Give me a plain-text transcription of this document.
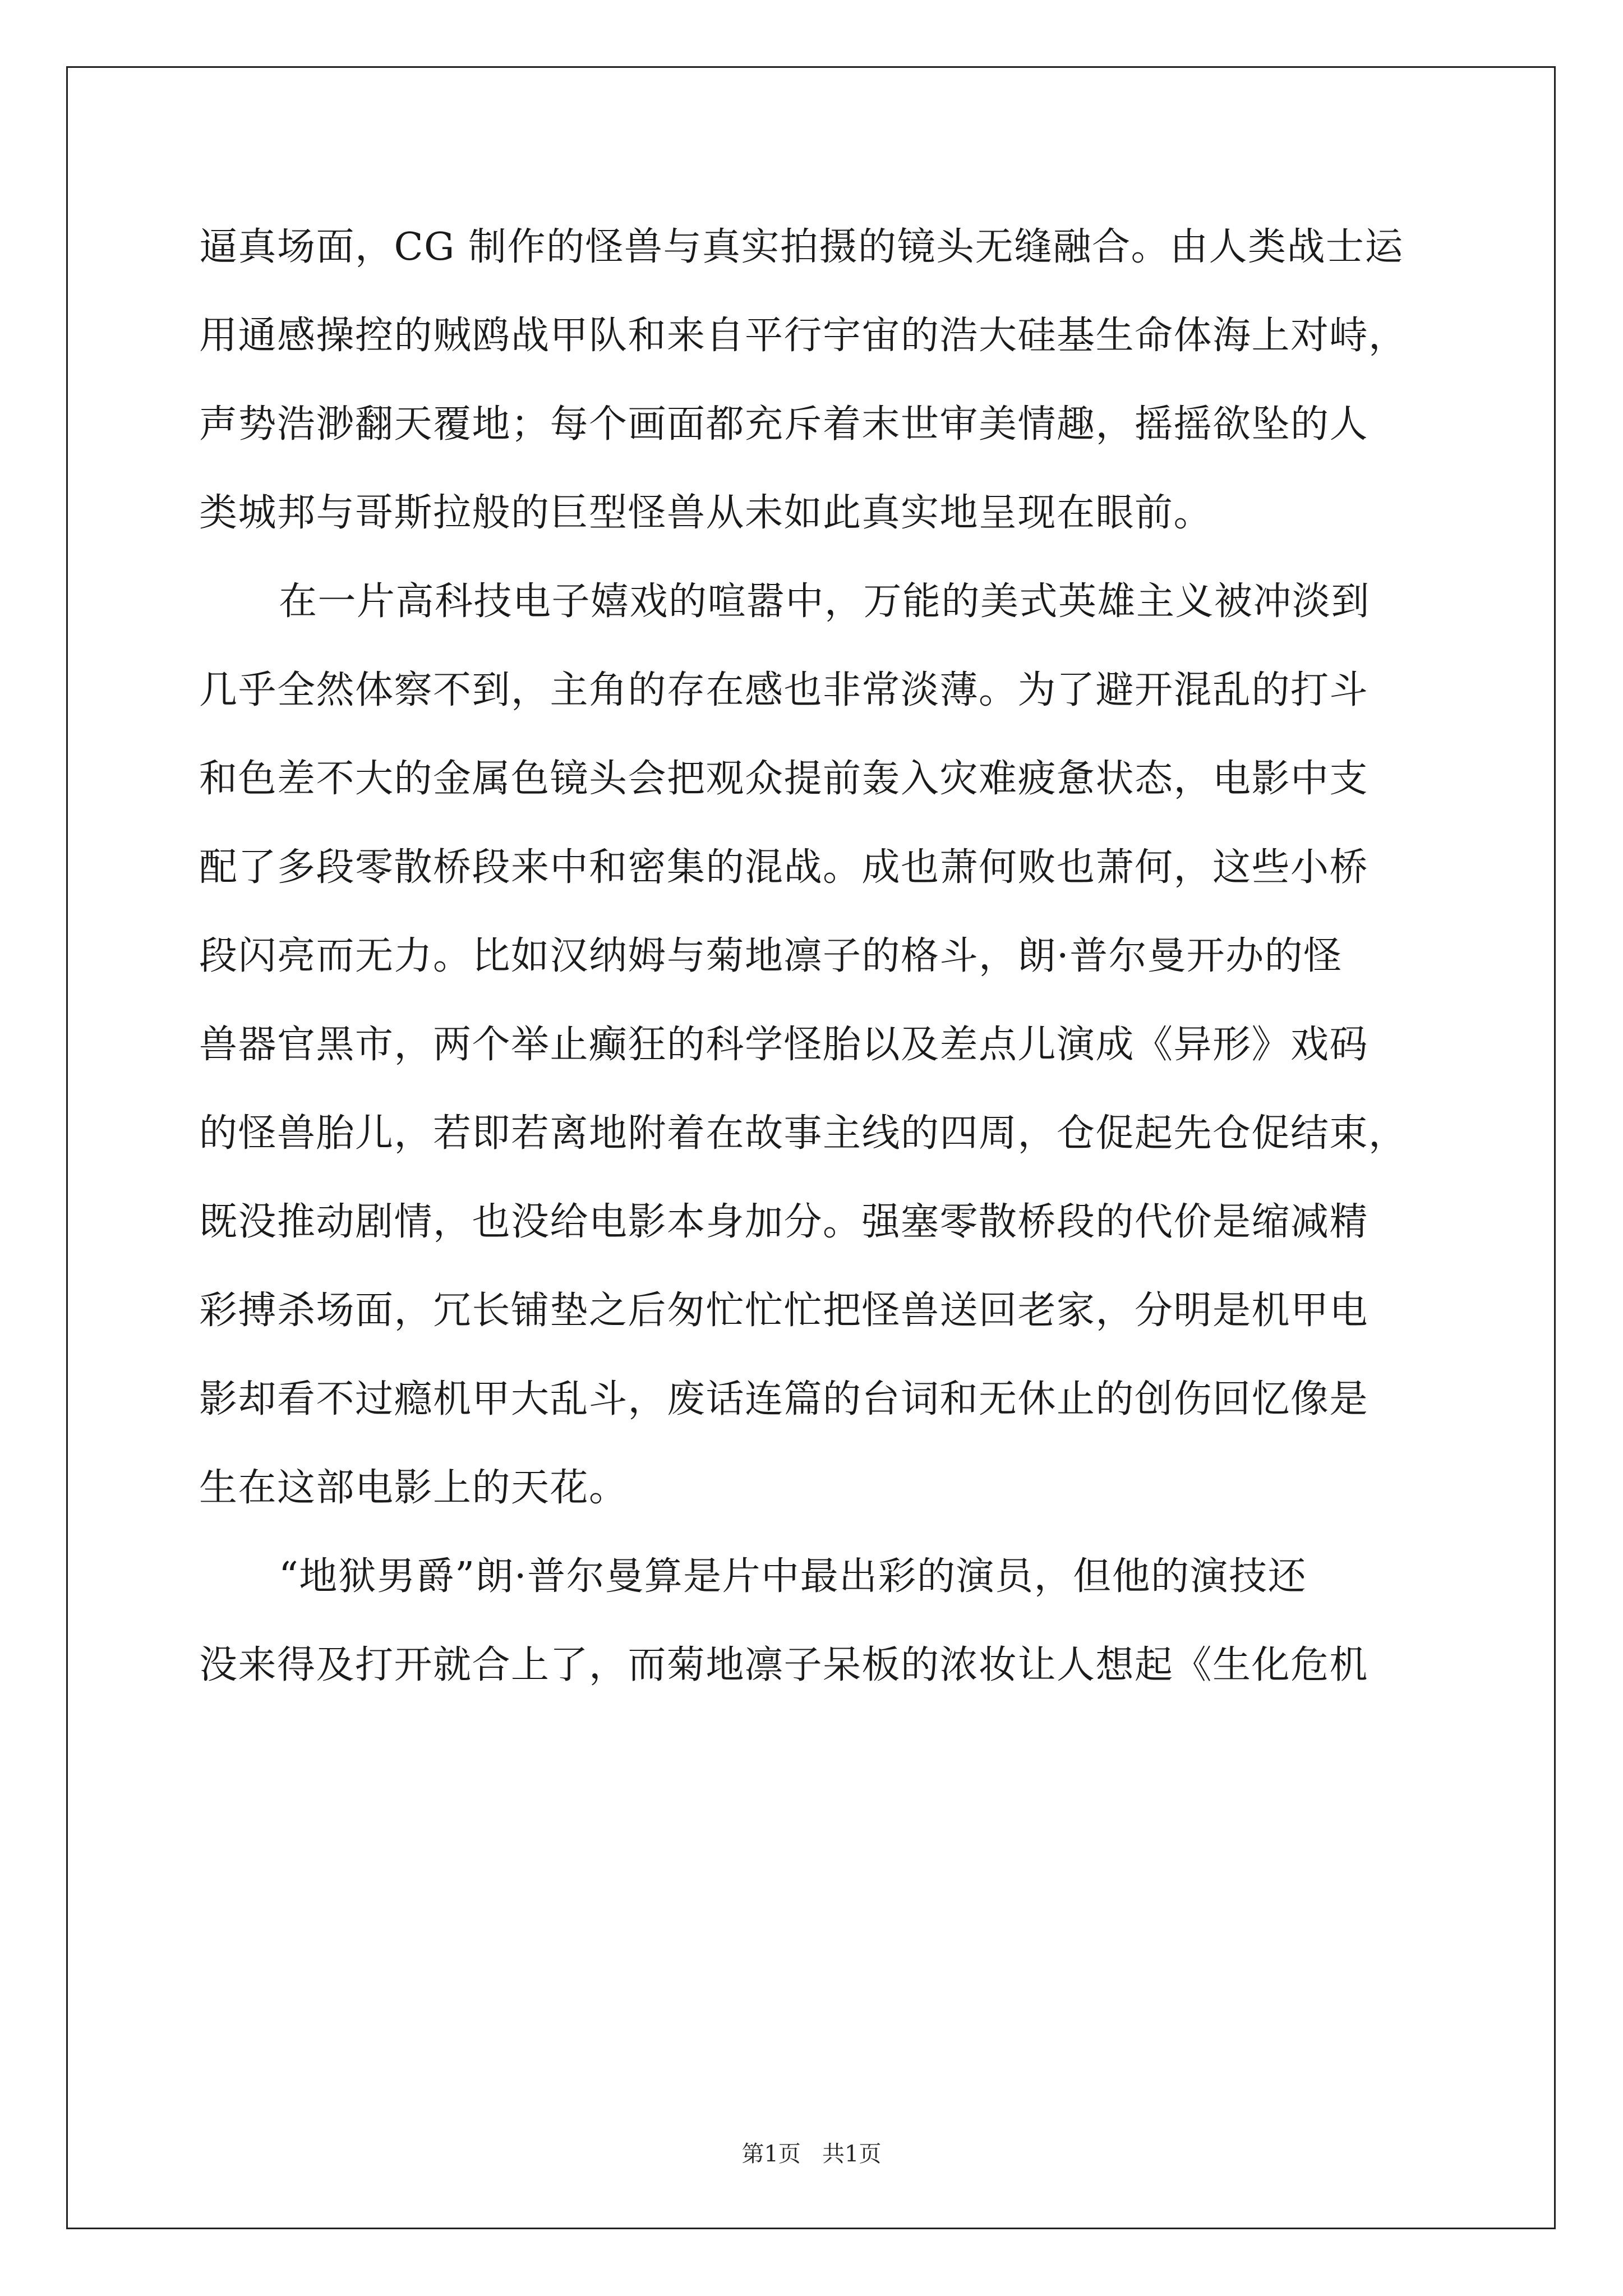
逼真场面，CG 制作的怪兽与真实拍摄的镜头无缝融合。由人类战士运
用通感操控的贼鸥战甲队和来自平行宇宙的浩大硅基生命体海上对峙，
声势浩渺翻天覆地；每个画面都充斥着末世审美情趣，摇摇欲坠的人
类城邦与哥斯拉般的巨型怪兽从未如此真实地呈现在眼前。
在一片高科技电子嬉戏的喧嚣中，万能的美式英雄主义被冲淡到
几乎全然体察不到，主角的存在感也非常淡薄。为了避开混乱的打斗
和色差不大的金属色镜头会把观众提前轰入灾难疲惫状态，电影中支
配了多段零散桥段来中和密集的混战。成也萧何败也萧何，这些小桥
段闪亮而无力。比如汉纳姆与菊地凛子的格斗，朗·普尔曼开办的怪
兽器官黑市，两个举止癫狂的科学怪胎以及差点儿演成《异形》戏码
的怪兽胎儿，若即若离地附着在故事主线的四周，仓促起先仓促结束，
既没推动剧情，也没给电影本身加分。强塞零散桥段的代价是缩减精
彩搏杀场面，冗长铺垫之后匆忙忙忙把怪兽送回老家，分明是机甲电
影却看不过瘾机甲大乱斗，废话连篇的台词和无休止的创伤回忆像是
生在这部电影上的天花。
“地狱男爵”朗·普尔曼算是片中最出彩的演员，但他的演技还
没来得及打开就合上了，而菊地凛子呆板的浓妆让人想起《生化危机
第1页   共1页
